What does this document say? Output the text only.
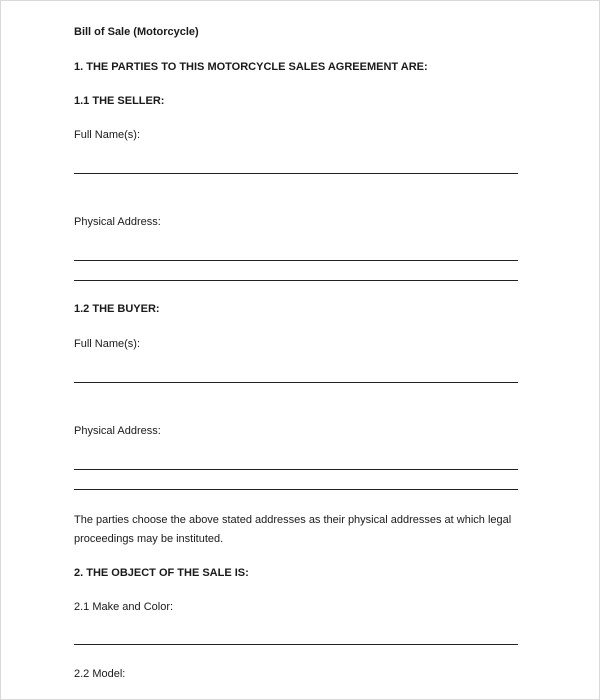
Bill of Sale (Motorcycle)

1. THE PARTIES TO THIS MOTORCYCLE SALES AGREEMENT ARE:

1.1 THE SELLER:

Full Name(s):

Physical Address:

1.2 THE BUYER:

Full Name(s):

Physical Address:

The parties choose the above stated addresses as their physical addresses at which legal proceedings may be instituted.

2. THE OBJECT OF THE SALE IS:

2.1 Make and Color:

2.2 Model:
